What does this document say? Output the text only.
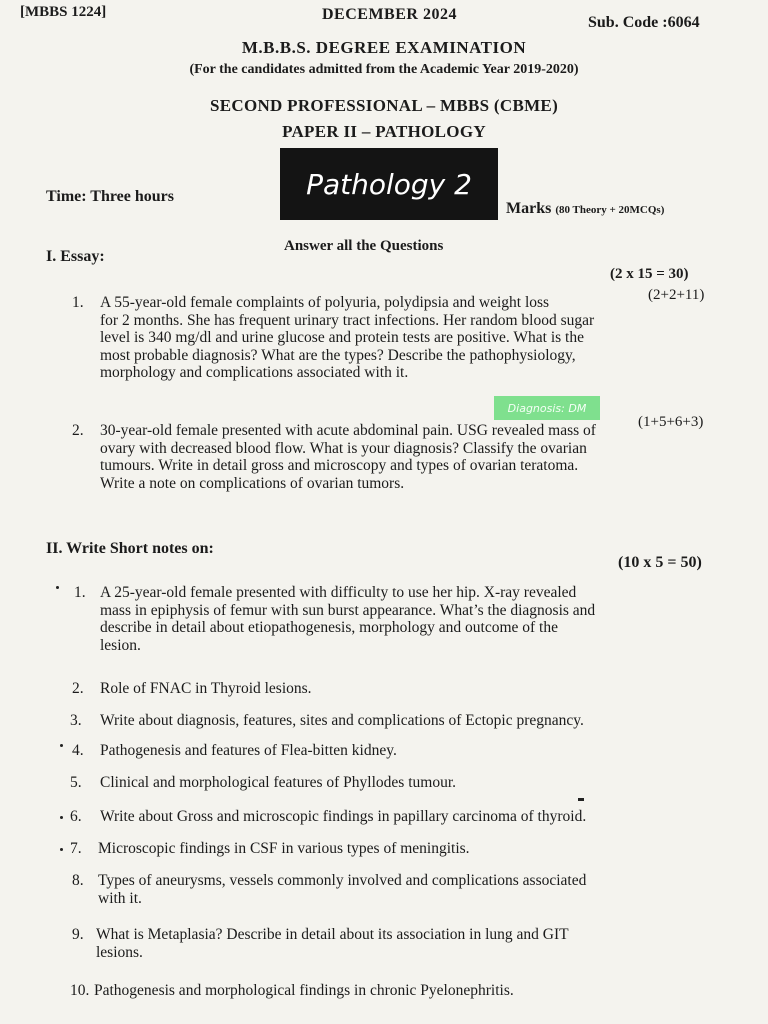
[MBBS 1224]	DECEMBER 2024	Sub. Code :6064
M.B.B.S. DEGREE EXAMINATION
(For the candidates admitted from the Academic Year 2019-2020)
SECOND PROFESSIONAL – MBBS (CBME)
PAPER II – PATHOLOGY
Pathology 2
Time: Three hours
Marks (80 Theory + 20MCQs)
Answer all the Questions
I. Essay:
(2 x 15 = 30)
(2+2+11)
1. A 55-year-old female complaints of polyuria, polydipsia and weight loss
for 2 months. She has frequent urinary tract infections. Her random blood sugar
level is 340 mg/dl and urine glucose and protein tests are positive. What is the
most probable diagnosis? What are the types? Describe the pathophysiology,
morphology and complications associated with it.
Diagnosis: DM
(1+5+6+3)
2. 30-year-old female presented with acute abdominal pain. USG revealed mass of
ovary with decreased blood flow. What is your diagnosis? Classify the ovarian
tumours. Write in detail gross and microscopy and types of ovarian teratoma.
Write a note on complications of ovarian tumors.
II. Write Short notes on:
(10 x 5 = 50)
1. A 25-year-old female presented with difficulty to use her hip. X-ray revealed
mass in epiphysis of femur with sun burst appearance. What’s the diagnosis and
describe in detail about etiopathogenesis, morphology and outcome of the
lesion.
2. Role of FNAC in Thyroid lesions.
3. Write about diagnosis, features, sites and complications of Ectopic pregnancy.
4. Pathogenesis and features of Flea-bitten kidney.
5. Clinical and morphological features of Phyllodes tumour.
6. Write about Gross and microscopic findings in papillary carcinoma of thyroid.
7. Microscopic findings in CSF in various types of meningitis.
8. Types of aneurysms, vessels commonly involved and complications associated
with it.
9. What is Metaplasia? Describe in detail about its association in lung and GIT
lesions.
10. Pathogenesis and morphological findings in chronic Pyelonephritis.
